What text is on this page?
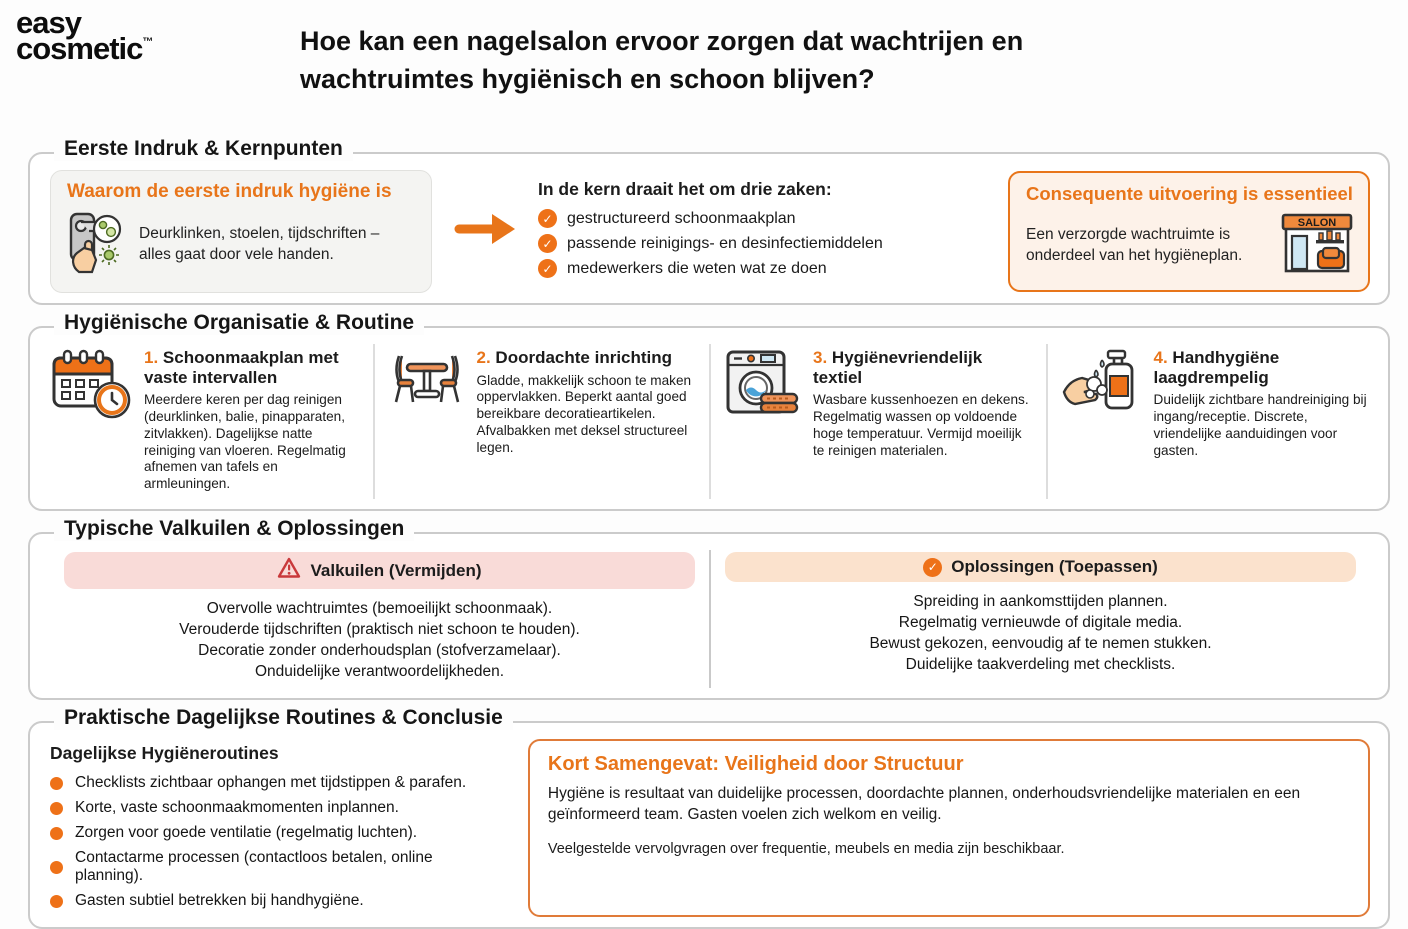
easy
cosmetic™	Hoe kan een nagelsalon ervoor zorgen dat wachtrijen en wachtruimtes hygiënisch en schoon blijven?
Eerste Indruk & Kernpunten
Waarom de eerste indruk hygiëne is
Deurklinken, stoelen, tijdschriften – alles gaat door vele handen.
In de kern draait het om drie zaken:
✓ gestructureerd schoonmaakplan
✓ passende reinigings- en desinfectiemiddelen
✓ medewerkers die weten wat ze doen
Consequente uitvoering is essentieel
Een verzorgde wachtruimte is onderdeel van het hygiëneplan.
SALON
Hygiënische Organisatie & Routine
1. Schoonmaakplan met vaste intervallen
Meerdere keren per dag reinigen (deurklinken, balie, pinapparaten, zitvlakken). Dagelijkse natte reiniging van vloeren. Regelmatig afnemen van tafels en armleuningen.
2. Doordachte inrichting
Gladde, makkelijk schoon te maken oppervlakken. Beperkt aantal goed bereikbare decoratieartikelen. Afvalbakken met deksel structureel legen.
3. Hygiënevriendelijk textiel
Wasbare kussenhoezen en dekens. Regelmatig wassen op voldoende hoge temperatuur. Vermijd moeilijk te reinigen materialen.
4. Handhygiëne laagdrempelig
Duidelijk zichtbare handreiniging bij ingang/receptie. Discrete, vriendelijke aanduidingen voor gasten.
Typische Valkuilen & Oplossingen
Valkuilen (Vermijden)
Overvolle wachtruimtes (bemoeilijkt schoonmaak).
Verouderde tijdschriften (praktisch niet schoon te houden).
Decoratie zonder onderhoudsplan (stofverzamelaar).
Onduidelijke verantwoordelijkheden.
✓ Oplossingen (Toepassen)
Spreiding in aankomsttijden plannen.
Regelmatig vernieuwde of digitale media.
Bewust gekozen, eenvoudig af te nemen stukken.
Duidelijke taakverdeling met checklists.
Praktische Dagelijkse Routines & Conclusie
Dagelijkse Hygiëneroutines
Checklists zichtbaar ophangen met tijdstippen & parafen.
Korte, vaste schoonmaakmomenten inplannen.
Zorgen voor goede ventilatie (regelmatig luchten).
Contactarme processen (contactloos betalen, online planning).
Gasten subtiel betrekken bij handhygiëne.
Kort Samengevat: Veiligheid door Structuur
Hygiëne is resultaat van duidelijke processen, doordachte plannen, onderhoudsvriendelijke materialen en een geïnformeerd team. Gasten voelen zich welkom en veilig.
Veelgestelde vervolgvragen over frequentie, meubels en media zijn beschikbaar.
